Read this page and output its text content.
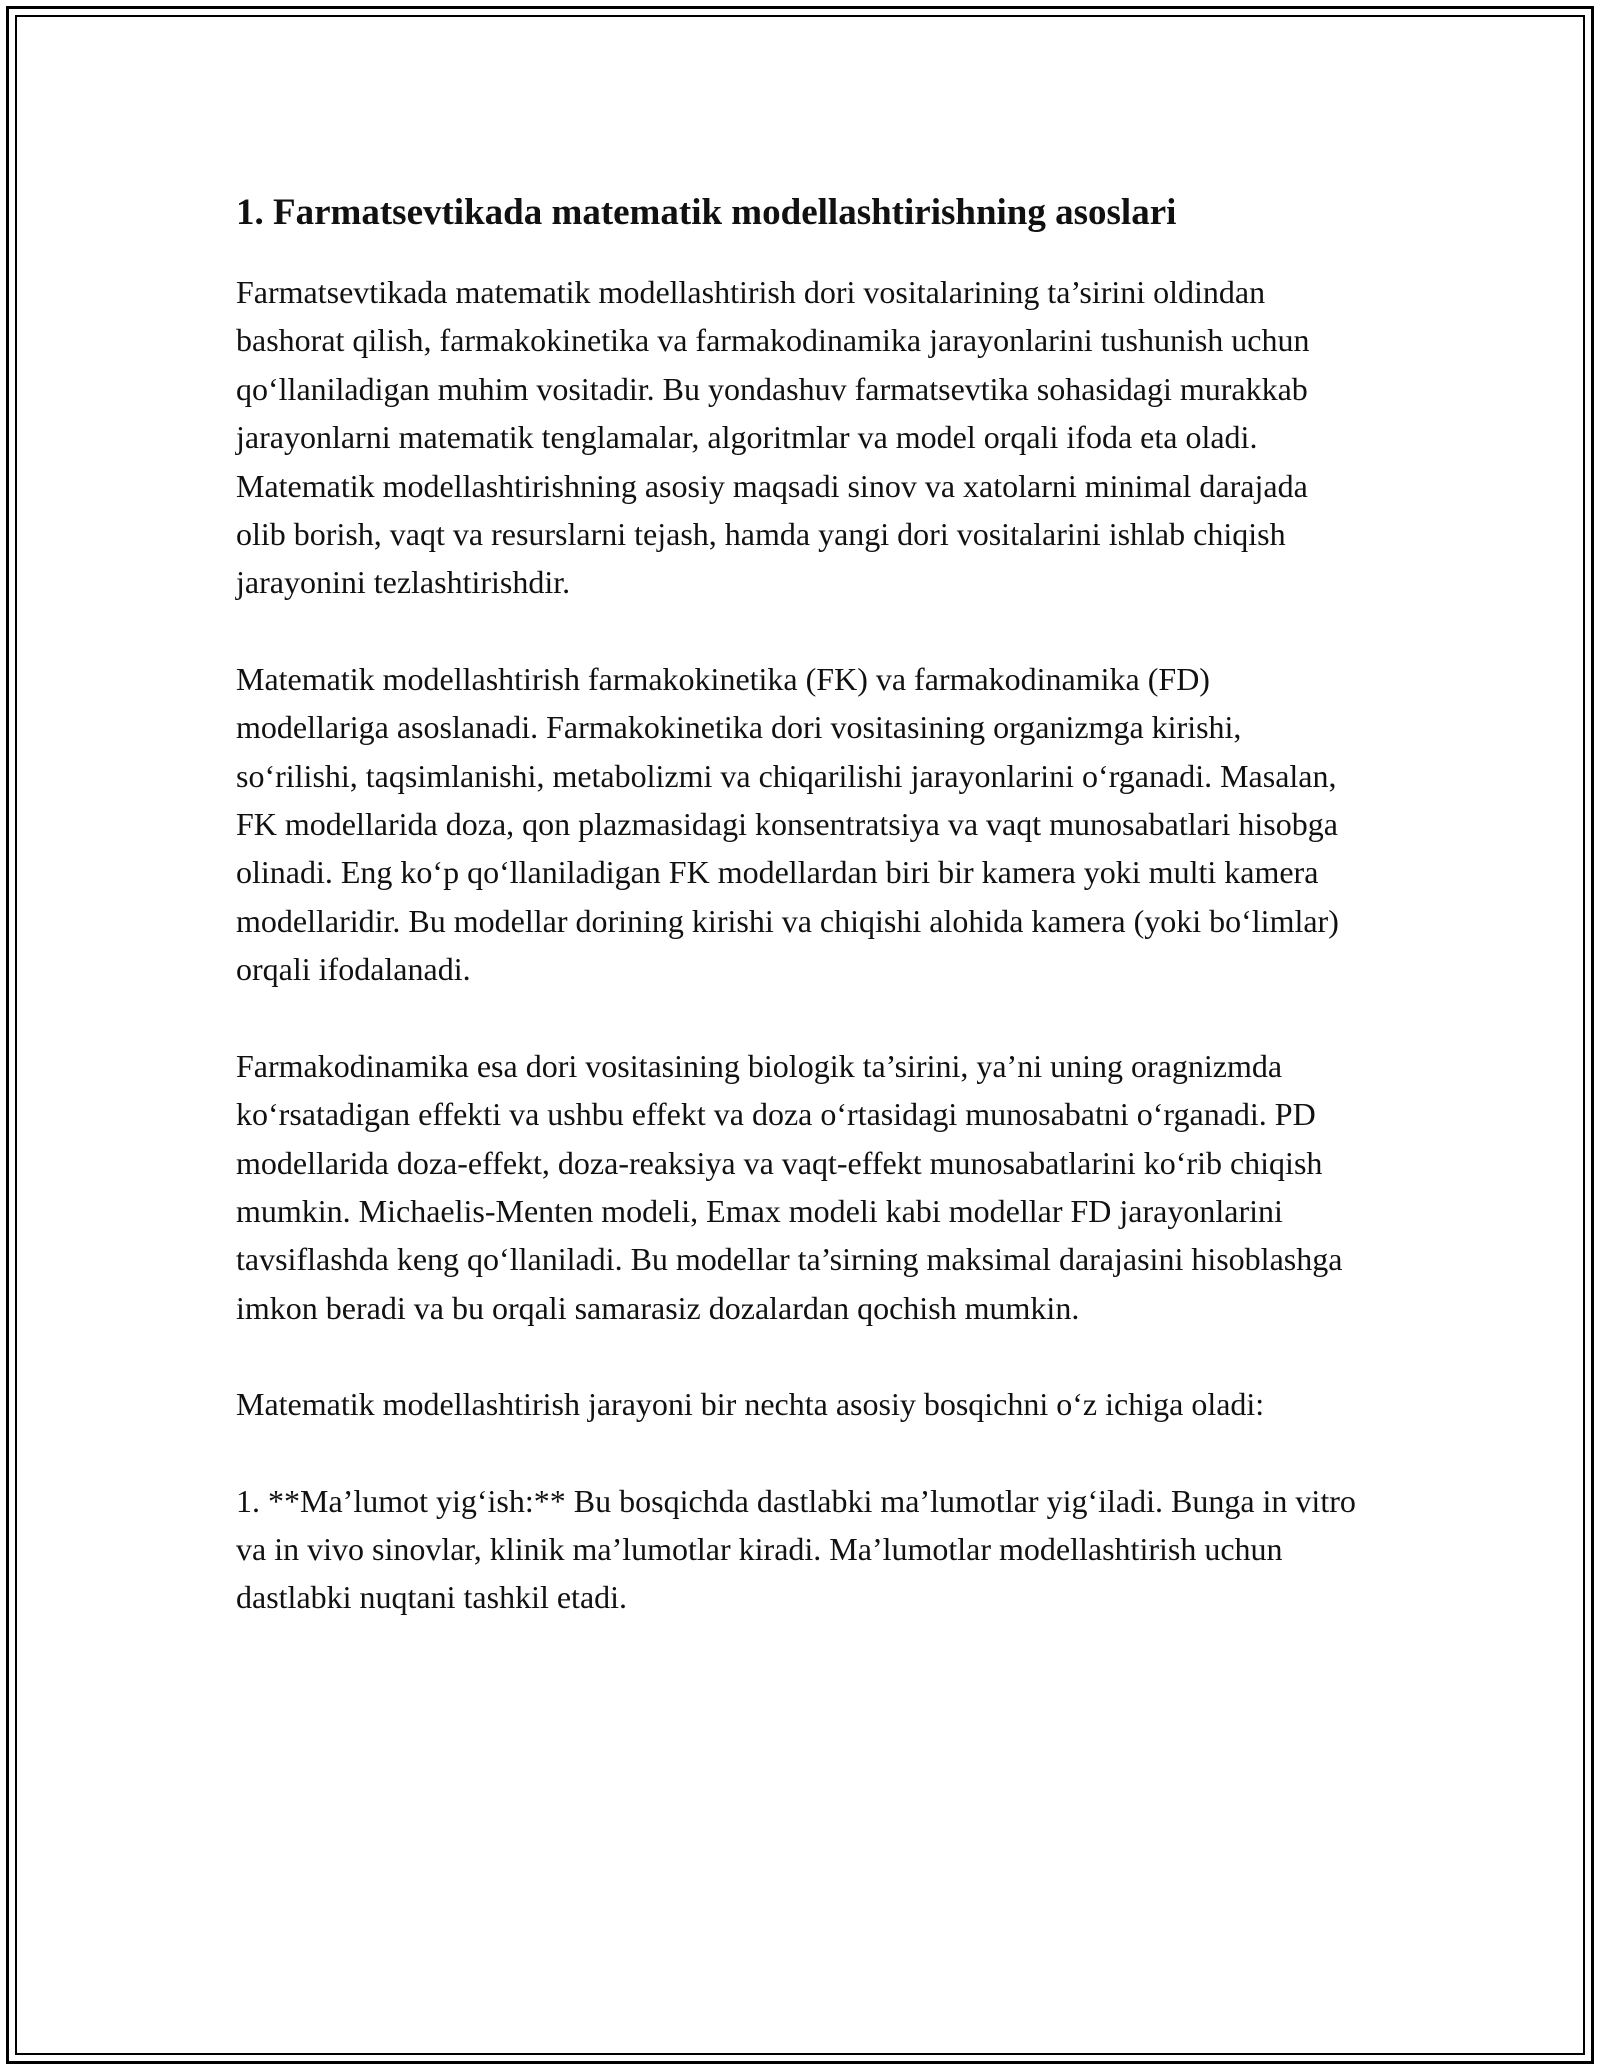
1. Farmatsevtikada matematik modellashtirishning asoslari

Farmatsevtikada matematik modellashtirish dori vositalarining ta’sirini oldindan bashorat qilish, farmakokinetika va farmakodinamika jarayonlarini tushunish uchun qo‘llaniladigan muhim vositadir. Bu yondashuv farmatsevtika sohasidagi murakkab jarayonlarni matematik tenglamalar, algoritmlar va model orqali ifoda eta oladi. Matematik modellashtirishning asosiy maqsadi sinov va xatolarni minimal darajada olib borish, vaqt va resurslarni tejash, hamda yangi dori vositalarini ishlab chiqish jarayonini tezlashtirishdir.

Matematik modellashtirish farmakokinetika (FK) va farmakodinamika (FD) modellariga asoslanadi. Farmakokinetika dori vositasining organizmga kirishi, so‘rilishi, taqsimlanishi, metabolizmi va chiqarilishi jarayonlarini o‘rganadi. Masalan, FK modellarida doza, qon plazmasidagi konsentratsiya va vaqt munosabatlari hisobga olinadi. Eng ko‘p qo‘llaniladigan FK modellardan biri bir kamera yoki multi kamera modellaridir. Bu modellar dorining kirishi va chiqishi alohida kamera (yoki bo‘limlar) orqali ifodalanadi.

Farmakodinamika esa dori vositasining biologik ta’sirini, ya’ni uning oragnizmda ko‘rsatadigan effekti va ushbu effekt va doza o‘rtasidagi munosabatni o‘rganadi. PD modellarida doza-effekt, doza-reaksiya va vaqt-effekt munosabatlarini ko‘rib chiqish mumkin. Michaelis-Menten modeli, Emax modeli kabi modellar FD jarayonlarini tavsiflashda keng qo‘llaniladi. Bu modellar ta’sirning maksimal darajasini hisoblashga imkon beradi va bu orqali samarasiz dozalardan qochish mumkin.

Matematik modellashtirish jarayoni bir nechta asosiy bosqichni o‘z ichiga oladi:

1. **Ma’lumot yig‘ish:** Bu bosqichda dastlabki ma’lumotlar yig‘iladi. Bunga in vitro va in vivo sinovlar, klinik ma’lumotlar kiradi. Ma’lumotlar modellashtirish uchun dastlabki nuqtani tashkil etadi.
